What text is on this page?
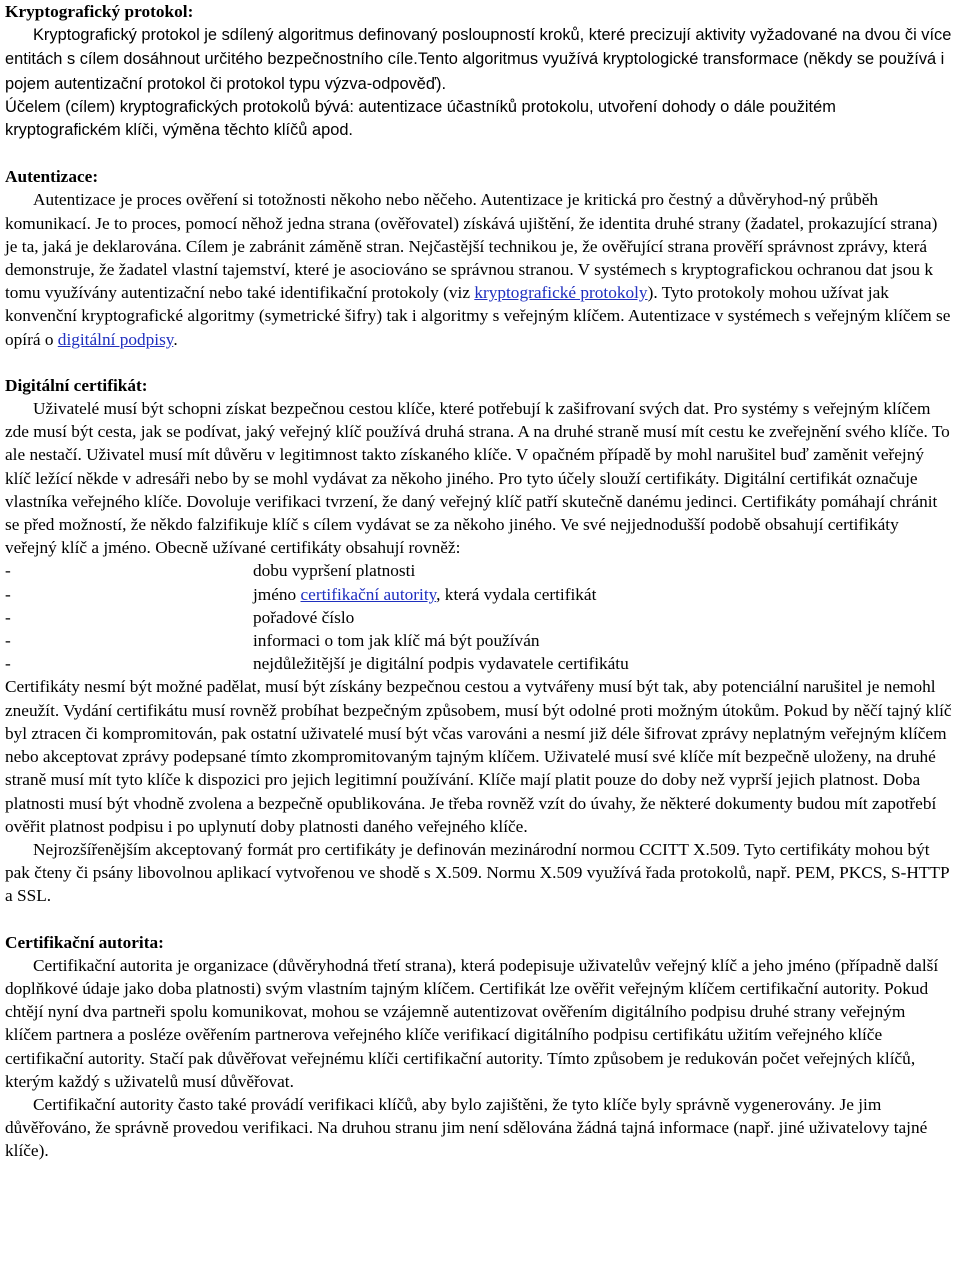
Kryptografický protokol:

Kryptografický protokol je sdílený algoritmus definovaný posloupností kroků, které precizují aktivity vyžadované na dvou či více entitách s cílem dosáhnout určitého bezpečnostního cíle.Tento algoritmus využívá kryptologické transformace (někdy se používá i pojem autentizační protokol či protokol typu výzva-odpověď).

Účelem (cílem) kryptografických protokolů bývá: autentizace účastníků protokolu, utvoření dohody o dále použitém kryptografickém klíči, výměna těchto klíčů apod.

Autentizace:

Autentizace je proces ověření si totožnosti někoho nebo něčeho. Autentizace je kritická pro čestný a důvěryhod-ný průběh komunikací. Je to proces, pomocí něhož jedna strana (ověřovatel) získává ujištění, že identita druhé strany (žadatel, prokazující strana) je ta, jaká je deklarována. Cílem je zabránit záměně stran. Nejčastější technikou je, že ověřující strana prověří správnost zprávy, která demonstruje, že žadatel vlastní tajemství, které je asociováno se správnou stranou. V systémech s kryptografickou ochranou dat jsou k tomu využívány autentizační nebo také identifikační protokoly (viz kryptografické protokoly). Tyto protokoly mohou užívat jak konvenční kryptografické algoritmy (symetrické šifry) tak i algoritmy s veřejným klíčem. Autentizace v systémech s veřejným klíčem se opírá o digitální podpisy.

Digitální certifikát:

Uživatelé musí být schopni získat bezpečnou cestou klíče, které potřebují k zašifrovaní svých dat. Pro systémy s veřejným klíčem zde musí být cesta, jak se podívat, jaký veřejný klíč používá druhá strana. A na druhé straně musí mít cestu ke zveřejnění svého klíče. To ale nestačí. Uživatel musí mít důvěru v legitimnost takto získaného klíče. V opačném případě by mohl narušitel buď zaměnit veřejný klíč ležící někde v adresáři nebo by se mohl vydávat za někoho jiného. Pro tyto účely slouží certifikáty. Digitální certifikát označuje vlastníka veřejného klíče. Dovoluje verifikaci tvrzení, že daný veřejný klíč patří skutečně danému jedinci. Certifikáty pomáhají chránit se před možností, že někdo falzifikuje klíč s cílem vydávat se za někoho jiného. Ve své nejjednodušší podobě obsahují certifikáty veřejný klíč a jméno. Obecně užívané certifikáty obsahují rovněž:

-	dobu vypršení platnosti
-	jméno certifikační autority, která vydala certifikát
-	pořadové číslo
-	informaci o tom jak klíč má být používán
-	nejdůležitější je digitální podpis vydavatele certifikátu

Certifikáty nesmí být možné padělat, musí být získány bezpečnou cestou a vytvářeny musí být tak, aby potenciální narušitel je nemohl zneužít. Vydání certifikátu musí rovněž probíhat bezpečným způsobem, musí být odolné proti možným útokům. Pokud by něčí tajný klíč byl ztracen či kompromitován, pak ostatní uživatelé musí být včas varováni a nesmí již déle šifrovat zprávy neplatným veřejným klíčem nebo akceptovat zprávy podepsané tímto zkompromitovaným tajným klíčem. Uživatelé musí své klíče mít bezpečně uloženy, na druhé straně musí mít tyto klíče k dispozici pro jejich legitimní používání. Klíče mají platit pouze do doby než vyprší jejich platnost. Doba platnosti musí být vhodně zvolena a bezpečně opublikována. Je třeba rovněž vzít do úvahy, že některé dokumenty budou mít zapotřebí ověřit platnost podpisu i po uplynutí doby platnosti daného veřejného klíče.

Nejrozšířenějším akceptovaný formát pro certifikáty je definován mezinárodní normou CCITT X.509. Tyto certifikáty mohou být pak čteny či psány libovolnou aplikací vytvořenou ve shodě s X.509. Normu X.509 využívá řada protokolů, např. PEM, PKCS, S-HTTP a SSL.

Certifikační autorita:

Certifikační autorita je organizace (důvěryhodná třetí strana), která podepisuje uživatelův veřejný klíč a jeho jméno (případně další doplňkové údaje jako doba platnosti) svým vlastním tajným klíčem. Certifikát lze ověřit veřejným klíčem certifikační autority. Pokud chtějí nyní dva partneři spolu komunikovat, mohou se vzájemně autentizovat ověřením digitálního podpisu druhé strany veřejným klíčem partnera a posléze ověřením partnerova veřejného klíče verifikací digitálního podpisu certifikátu užitím veřejného klíče certifikační autority. Stačí pak důvěřovat veřejnému klíči certifikační autority. Tímto způsobem je redukován počet veřejných klíčů, kterým každý s uživatelů musí důvěřovat.

Certifikační autority často také provádí verifikaci klíčů, aby bylo zajištěni, že tyto klíče byly správně vygenerovány. Je jim důvěřováno, že správně provedou verifikaci. Na druhou stranu jim není sdělována žádná tajná informace (např. jiné uživatelovy tajné klíče).
